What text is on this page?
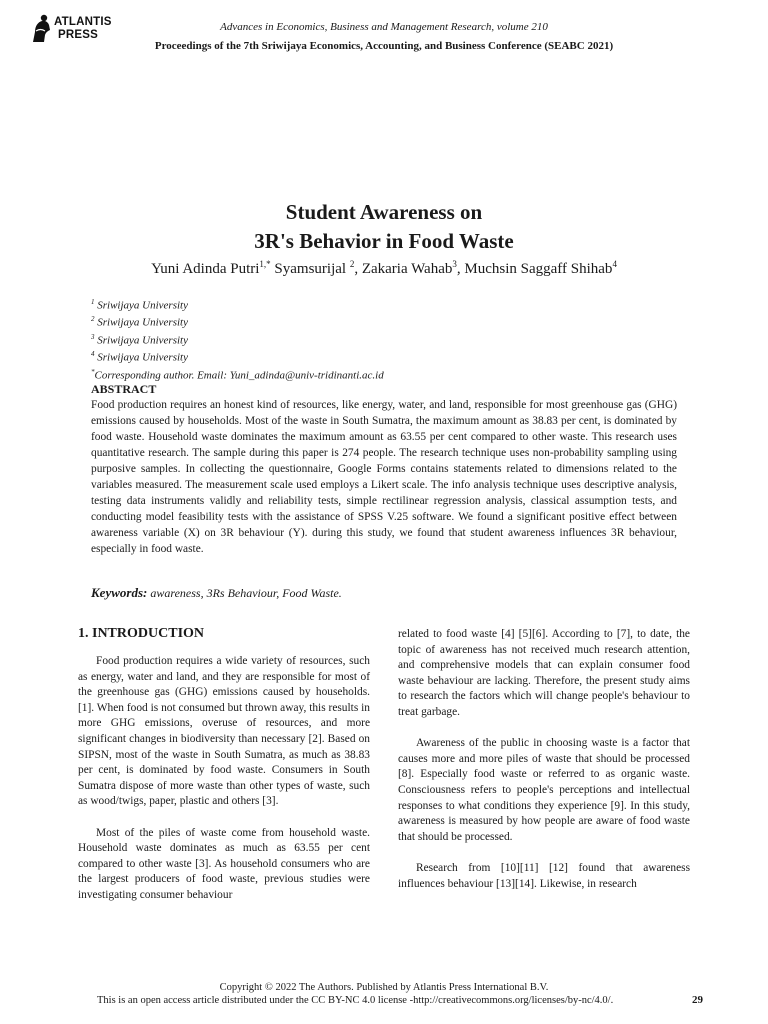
ATLANTIS
PRESS
Advances in Economics, Business and Management Research, volume 210
Proceedings of the 7th Sriwijaya Economics, Accounting, and Business Conference (SEABC 2021)
Student Awareness on
3R's Behavior in Food Waste
Yuni Adinda Putri$^{1,*}$ Syamsurijal $^2$, Zakaria Wahab$^3$, Muchsin Saggaff Shihab$^4$
$^1$ Sriwijaya University
$^2$ Sriwijaya University
$^3$ Sriwijaya University
$^4$ Sriwijaya University
*Corresponding author. Email: Yuni_adinda@univ-tridinanti.ac.id
ABSTRACT
Food production requires an honest kind of resources, like energy, water, and land, responsible for most greenhouse gas (GHG) emissions caused by households. Most of the waste in South Sumatra, the maximum amount as 38.83 per cent, is dominated by food waste. Household waste dominates the maximum amount as 63.55 per cent compared to other waste. This research uses quantitative research. The sample during this paper is 274 people. The research technique uses non-probability sampling using purposive samples. In collecting the questionnaire, Google Forms contains statements related to dimensions related to the variables measured. The measurement scale used employs a Likert scale. The info analysis technique uses descriptive analysis, testing data instruments validly and reliability tests, simple rectilinear regression analysis, classical assumption tests, and conducting model feasibility tests with the assistance of SPSS V.25 software. We found a significant positive effect between awareness variable (X) on 3R behaviour (Y). during this study, we found that student awareness influences 3R behaviour, especially in food waste.
Keywords: awareness, 3Rs Behaviour, Food Waste.
1. INTRODUCTION

Food production requires a wide variety of resources, such as energy, water and land, and they are responsible for most of the greenhouse gas (GHG) emissions caused by households. [1]. When food is not consumed but thrown away, this results in more GHG emissions, overuse of resources, and more significant changes in biodiversity than necessary [2]. Based on SIPSN, most of the waste in South Sumatra, as much as 38.83 per cent, is dominated by food waste. Consumers in South Sumatra dispose of more waste than other types of waste, such as wood/twigs, paper, plastic and others [3].

Most of the piles of waste come from household waste. Household waste dominates as much as 63.55 per cent compared to other waste [3]. As household consumers who are the largest producers of food waste, previous studies were investigating consumer behaviour

related to food waste [4] [5][6]. According to [7], to date, the topic of awareness has not received much research attention, and comprehensive models that can explain consumer food waste behaviour are lacking. Therefore, the present study aims to research the factors which will change people's behaviour to treat garbage.

Awareness of the public in choosing waste is a factor that causes more and more piles of waste that should be processed [8]. Especially food waste or referred to as organic waste. Consciousness refers to people's perceptions and intellectual responses to what conditions they experience [9]. In this study, awareness is measured by how people are aware of food waste that should be processed.

Research from [10][11] [12] found that awareness influences behaviour [13][14]. Likewise, in research

Copyright © 2022 The Authors. Published by Atlantis Press International B.V.
This is an open access article distributed under the CC BY-NC 4.0 license -http://creativecommons.org/licenses/by-nc/4.0/.	29
